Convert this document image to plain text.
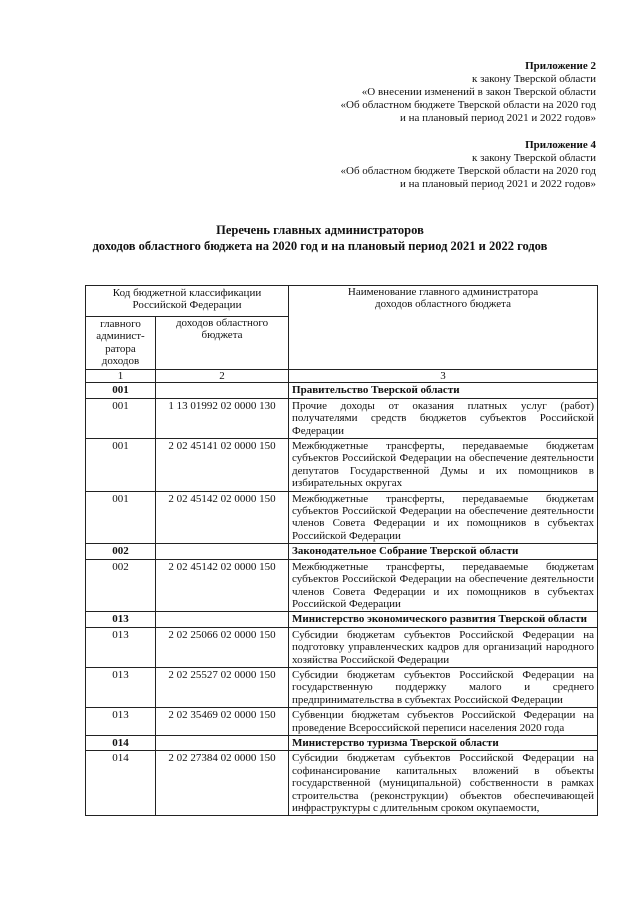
Приложение 2
к закону Тверской области
«О внесении изменений в закон Тверской области
«Об областном бюджете Тверской области на 2020 год
и на плановый период 2021 и 2022 годов»
Приложение 4
к закону Тверской области
«Об областном бюджете Тверской области на 2020 год
и на плановый период 2021 и 2022 годов»
Перечень главных администраторов
доходов областного бюджета на 2020 год и на плановый период 2021 и 2022 годов
Код бюджетной классификации Российской Федерации		Наименование главного администратора доходов областного бюджета
главного админист-ратора доходов	доходов областного бюджета	
1	2	3
001		Правительство Тверской области
001	1 13 01992 02 0000 130	Прочие доходы от оказания платных услуг (работ) получателями средств бюджетов субъектов Российской Федерации
001	2 02 45141 02 0000 150	Межбюджетные трансферты, передаваемые бюджетам субъектов Российской Федерации на обеспечение деятельности депутатов Государственной Думы и их помощников в избирательных округах
001	2 02 45142 02 0000 150	Межбюджетные трансферты, передаваемые бюджетам субъектов Российской Федерации на обеспечение деятельности членов Совета Федерации и их помощников в субъектах Российской Федерации
002		Законодательное Собрание Тверской области
002	2 02 45142 02 0000 150	Межбюджетные трансферты, передаваемые бюджетам субъектов Российской Федерации на обеспечение деятельности членов Совета Федерации и их помощников в субъектах Российской Федерации
013		Министерство экономического развития Тверской области
013	2 02 25066 02 0000 150	Субсидии бюджетам субъектов Российской Федерации на подготовку управленческих кадров для организаций народного хозяйства Российской Федерации
013	2 02 25527 02 0000 150	Субсидии бюджетам субъектов Российской Федерации на государственную поддержку малого и среднего предпринимательства в субъектах Российской Федерации
013	2 02 35469 02 0000 150	Субвенции бюджетам субъектов Российской Федерации на проведение Всероссийской переписи населения 2020 года
014		Министерство туризма Тверской области
014	2 02 27384 02 0000 150	Субсидии бюджетам субъектов Российской Федерации на софинансирование капитальных вложений в объекты государственной (муниципальной) собственности в рамках строительства (реконструкции) объектов обеспечивающей инфраструктуры с длительным сроком окупаемости,
